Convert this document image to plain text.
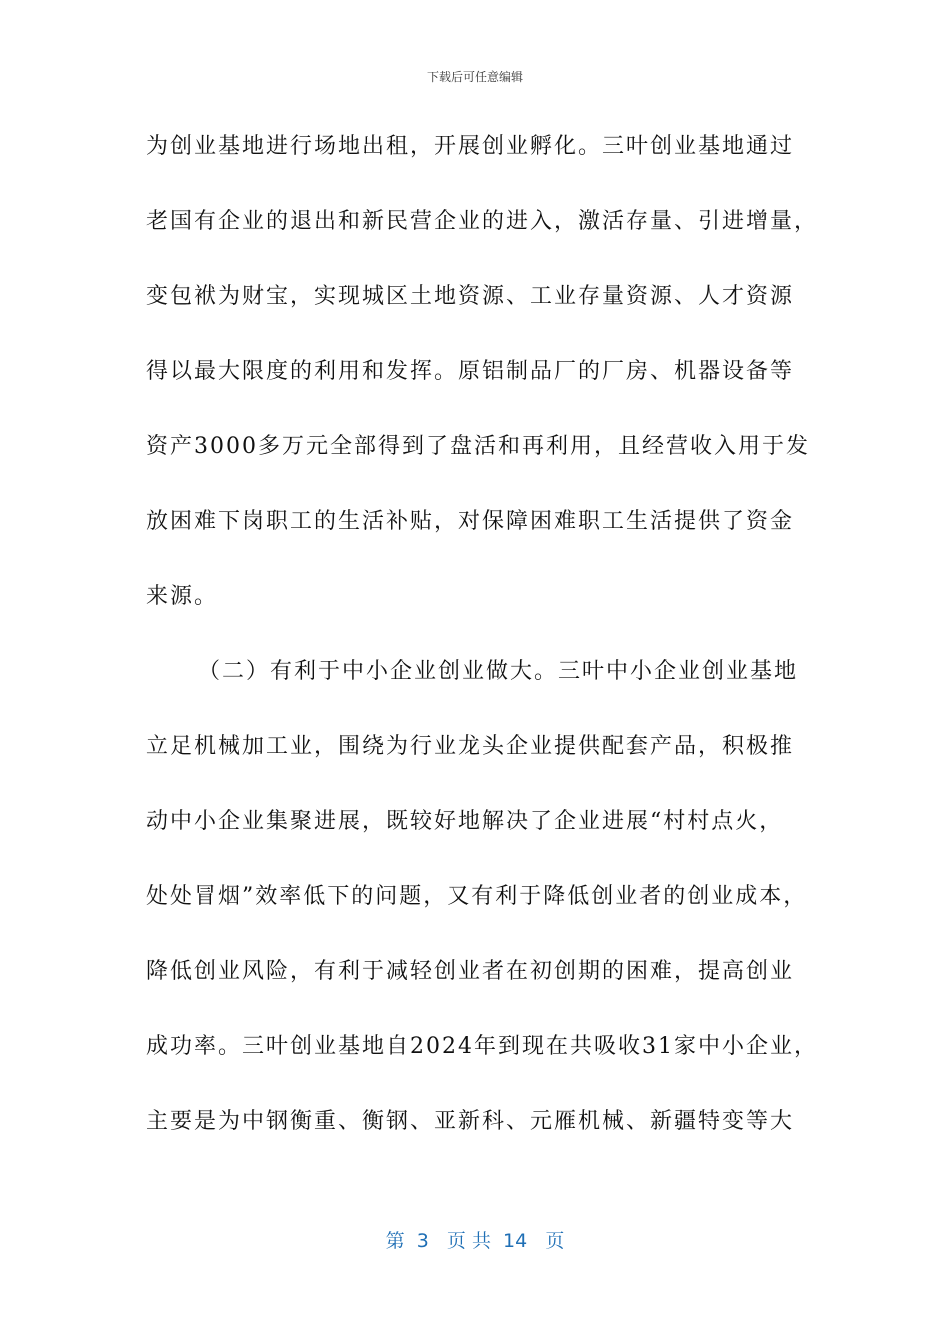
下载后可任意编辑
为创业基地进行场地出租，开展创业孵化。三叶创业基地通过
老国有企业的退出和新民营企业的进入，激活存量、引进增量，
变包袱为财宝，实现城区土地资源、工业存量资源、人才资源
得以最大限度的利用和发挥。原铝制品厂的厂房、机器设备等
资产3000多万元全部得到了盘活和再利用，且经营收入用于发
放困难下岗职工的生活补贴，对保障困难职工生活提供了资金
来源。
（二）有利于中小企业创业做大。三叶中小企业创业基地
立足机械加工业，围绕为行业龙头企业提供配套产品，积极推
动中小企业集聚进展，既较好地解决了企业进展“村村点火，
处处冒烟”效率低下的问题，又有利于降低创业者的创业成本，
降低创业风险，有利于减轻创业者在初创期的困难，提高创业
成功率。三叶创业基地自2024年到现在共吸收31家中小企业，
主要是为中钢衡重、衡钢、亚新科、元雁机械、新疆特变等大
第  3   页 共  14   页
